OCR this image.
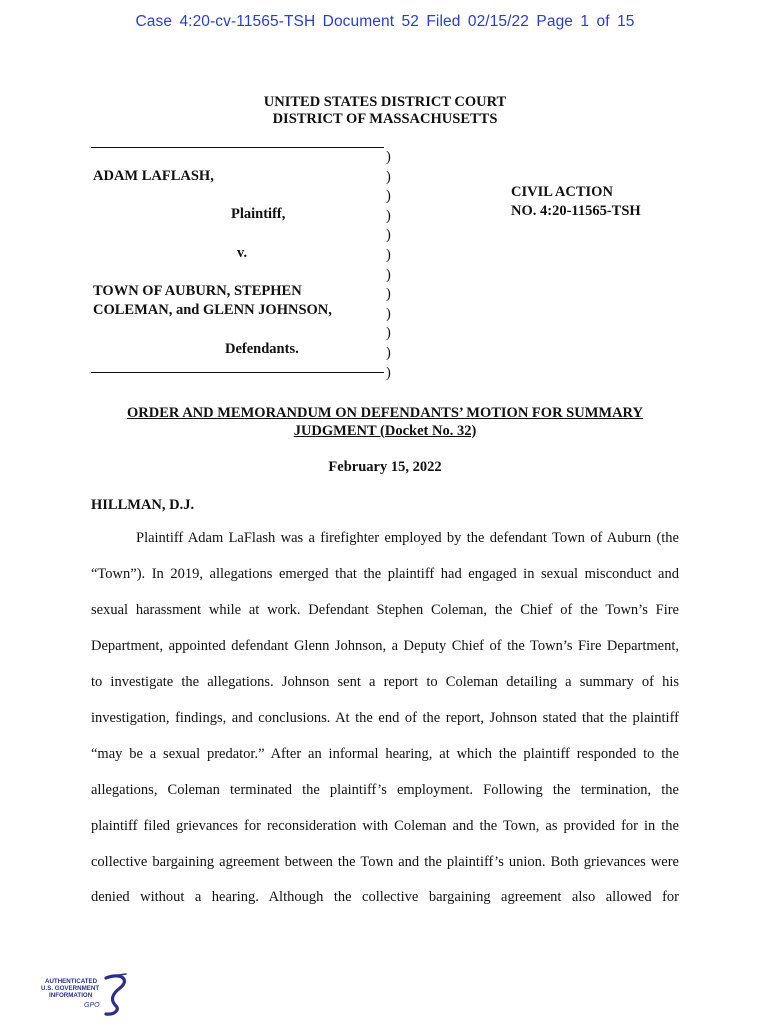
Case 4:20-cv-11565-TSH Document 52 Filed 02/15/22 Page 1 of 15
UNITED STATES DISTRICT COURT
DISTRICT OF MASSACHUSETTS
ADAM LAFLASH,
Plaintiff,
v.
TOWN OF AUBURN, STEPHEN
COLEMAN, and GLENN JOHNSON,
Defendants.
)
)
)
)
)
)
)
)
)
)
)
)
CIVIL ACTION
NO. 4:20-11565-TSH
ORDER AND MEMORANDUM ON DEFENDANTS’ MOTION FOR SUMMARY JUDGMENT (Docket No. 32)
February 15, 2022
HILLMAN, D.J.
Plaintiff Adam LaFlash was a firefighter employed by the defendant Town of Auburn (the
“Town”). In 2019, allegations emerged that the plaintiff had engaged in sexual misconduct and
sexual harassment while at work. Defendant Stephen Coleman, the Chief of the Town’s Fire
Department, appointed defendant Glenn Johnson, a Deputy Chief of the Town’s Fire Department,
to investigate the allegations. Johnson sent a report to Coleman detailing a summary of his
investigation, findings, and conclusions. At the end of the report, Johnson stated that the plaintiff
“may be a sexual predator.” After an informal hearing, at which the plaintiff responded to the
allegations, Coleman terminated the plaintiff’s employment. Following the termination, the
plaintiff filed grievances for reconsideration with Coleman and the Town, as provided for in the
collective bargaining agreement between the Town and the plaintiff’s union. Both grievances were
denied without a hearing. Although the collective bargaining agreement also allowed for
AUTHENTICATED
U.S. GOVERNMENT
INFORMATION
GPO
